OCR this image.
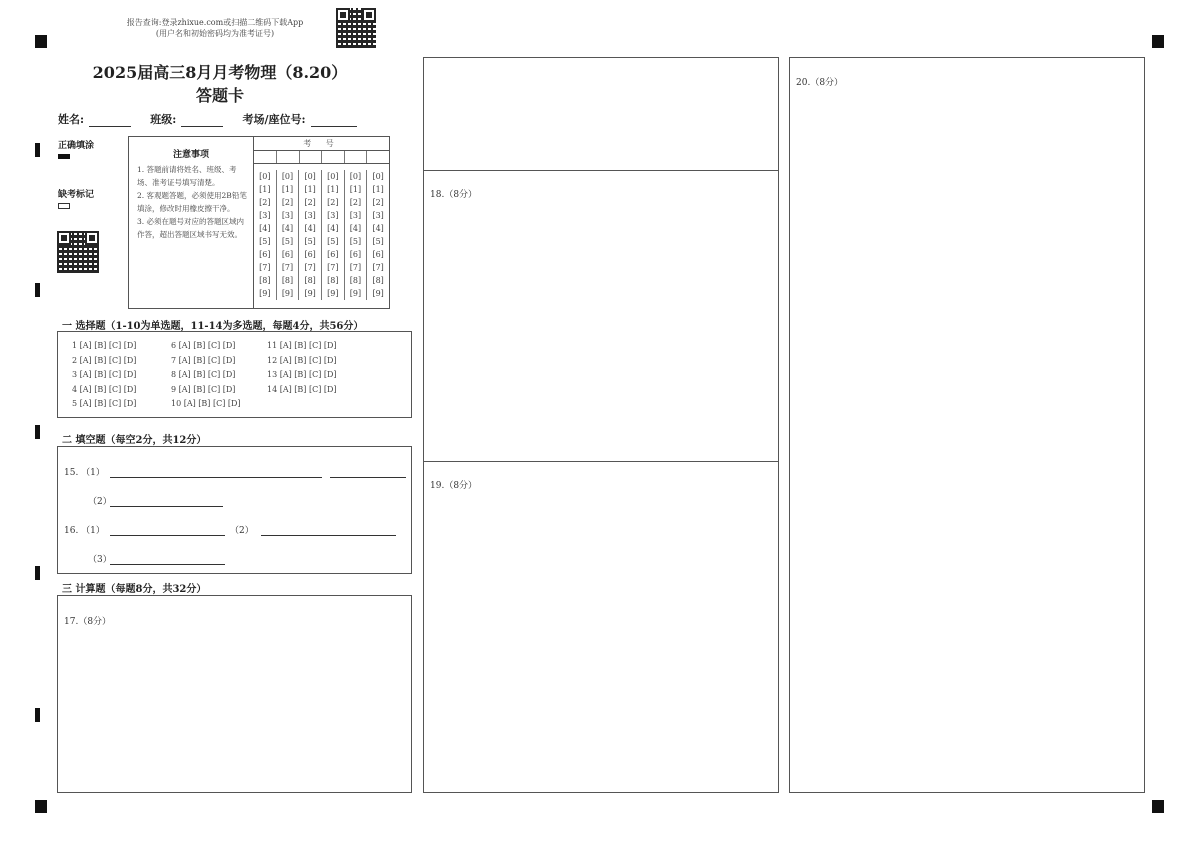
报告查询:登录zhixue.com或扫描二维码下载App
(用户名和初始密码均为准考证号)
2025届高三8月月考物理（8.20）
答题卡
姓名:	班级:	考场/座位号:
正确填涂
缺考标记
注意事项
1. 答题前请将姓名、班级、考场、准考证号填写清楚。
2. 客观题答题，必须使用2B铅笔填涂，修改时用橡皮擦干净。
3. 必须在题号对应的答题区域内作答，超出答题区域书写无效。
考 号
[0]	[0]	[0]	[0]	[0]	[0]
[1]	[1]	[1]	[1]	[1]	[1]
[2]	[2]	[2]	[2]	[2]	[2]
[3]	[3]	[3]	[3]	[3]	[3]
[4]	[4]	[4]	[4]	[4]	[4]
[5]	[5]	[5]	[5]	[5]	[5]
[6]	[6]	[6]	[6]	[6]	[6]
[7]	[7]	[7]	[7]	[7]	[7]
[8]	[8]	[8]	[8]	[8]	[8]
[9]	[9]	[9]	[9]	[9]	[9]
一 选择题（1-10为单选题，11-14为多选题，每题4分，共56分）
1 [A] [B] [C] [D]
2 [A] [B] [C] [D]
3 [A] [B] [C] [D]
4 [A] [B] [C] [D]
5 [A] [B] [C] [D]
6 [A] [B] [C] [D]
7 [A] [B] [C] [D]
8 [A] [B] [C] [D]
9 [A] [B] [C] [D]
10 [A] [B] [C] [D]
11 [A] [B] [C] [D]
12 [A] [B] [C] [D]
13 [A] [B] [C] [D]
14 [A] [B] [C] [D]
二 填空题（每空2分，共12分）
15. （1）
（2）
16. （1）	（2）
（3）
三 计算题（每题8分，共32分）
17.（8分）
18.（8分）
19.（8分）
20.（8分）
